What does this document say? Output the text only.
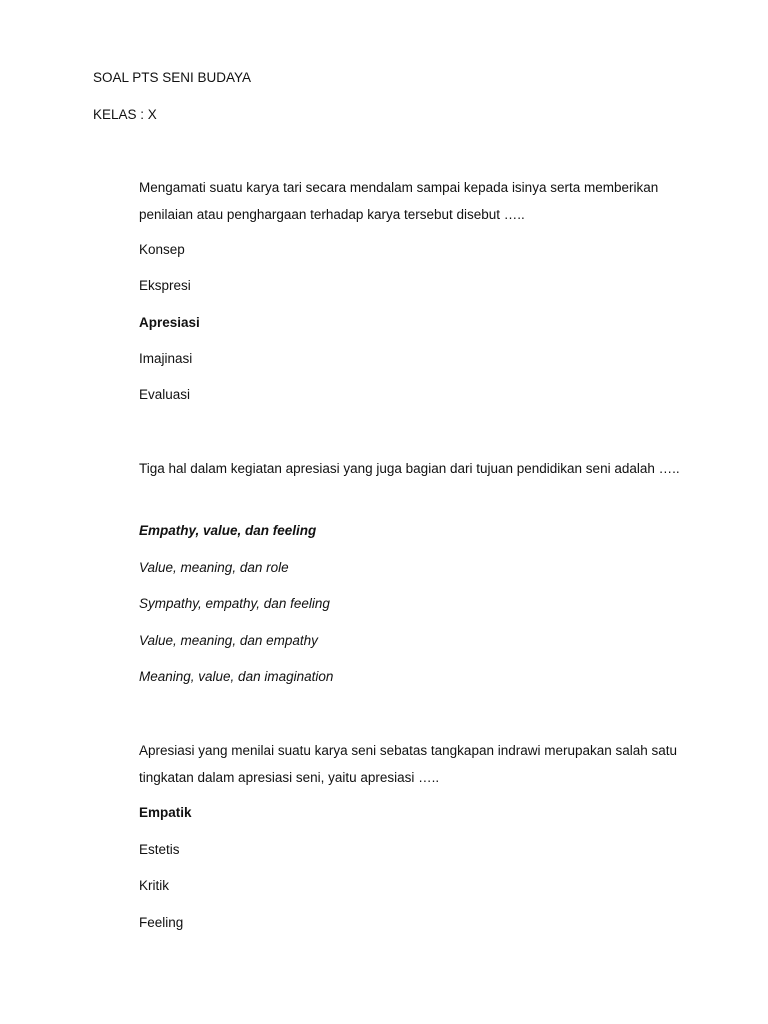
SOAL PTS SENI BUDAYA

KELAS : X

Mengamati suatu karya tari secara mendalam sampai kepada isinya serta memberikan penilaian atau penghargaan terhadap karya tersebut disebut …..

Konsep

Ekspresi

Apresiasi

Imajinasi

Evaluasi

Tiga hal dalam kegiatan apresiasi yang juga bagian dari tujuan pendidikan seni adalah …..

Empathy, value, dan feeling

Value, meaning, dan role

Sympathy, empathy, dan feeling

Value, meaning, dan empathy

Meaning, value, dan imagination

Apresiasi yang menilai suatu karya seni sebatas tangkapan indrawi merupakan salah satu tingkatan dalam apresiasi seni, yaitu apresiasi …..

Empatik

Estetis

Kritik

Feeling
